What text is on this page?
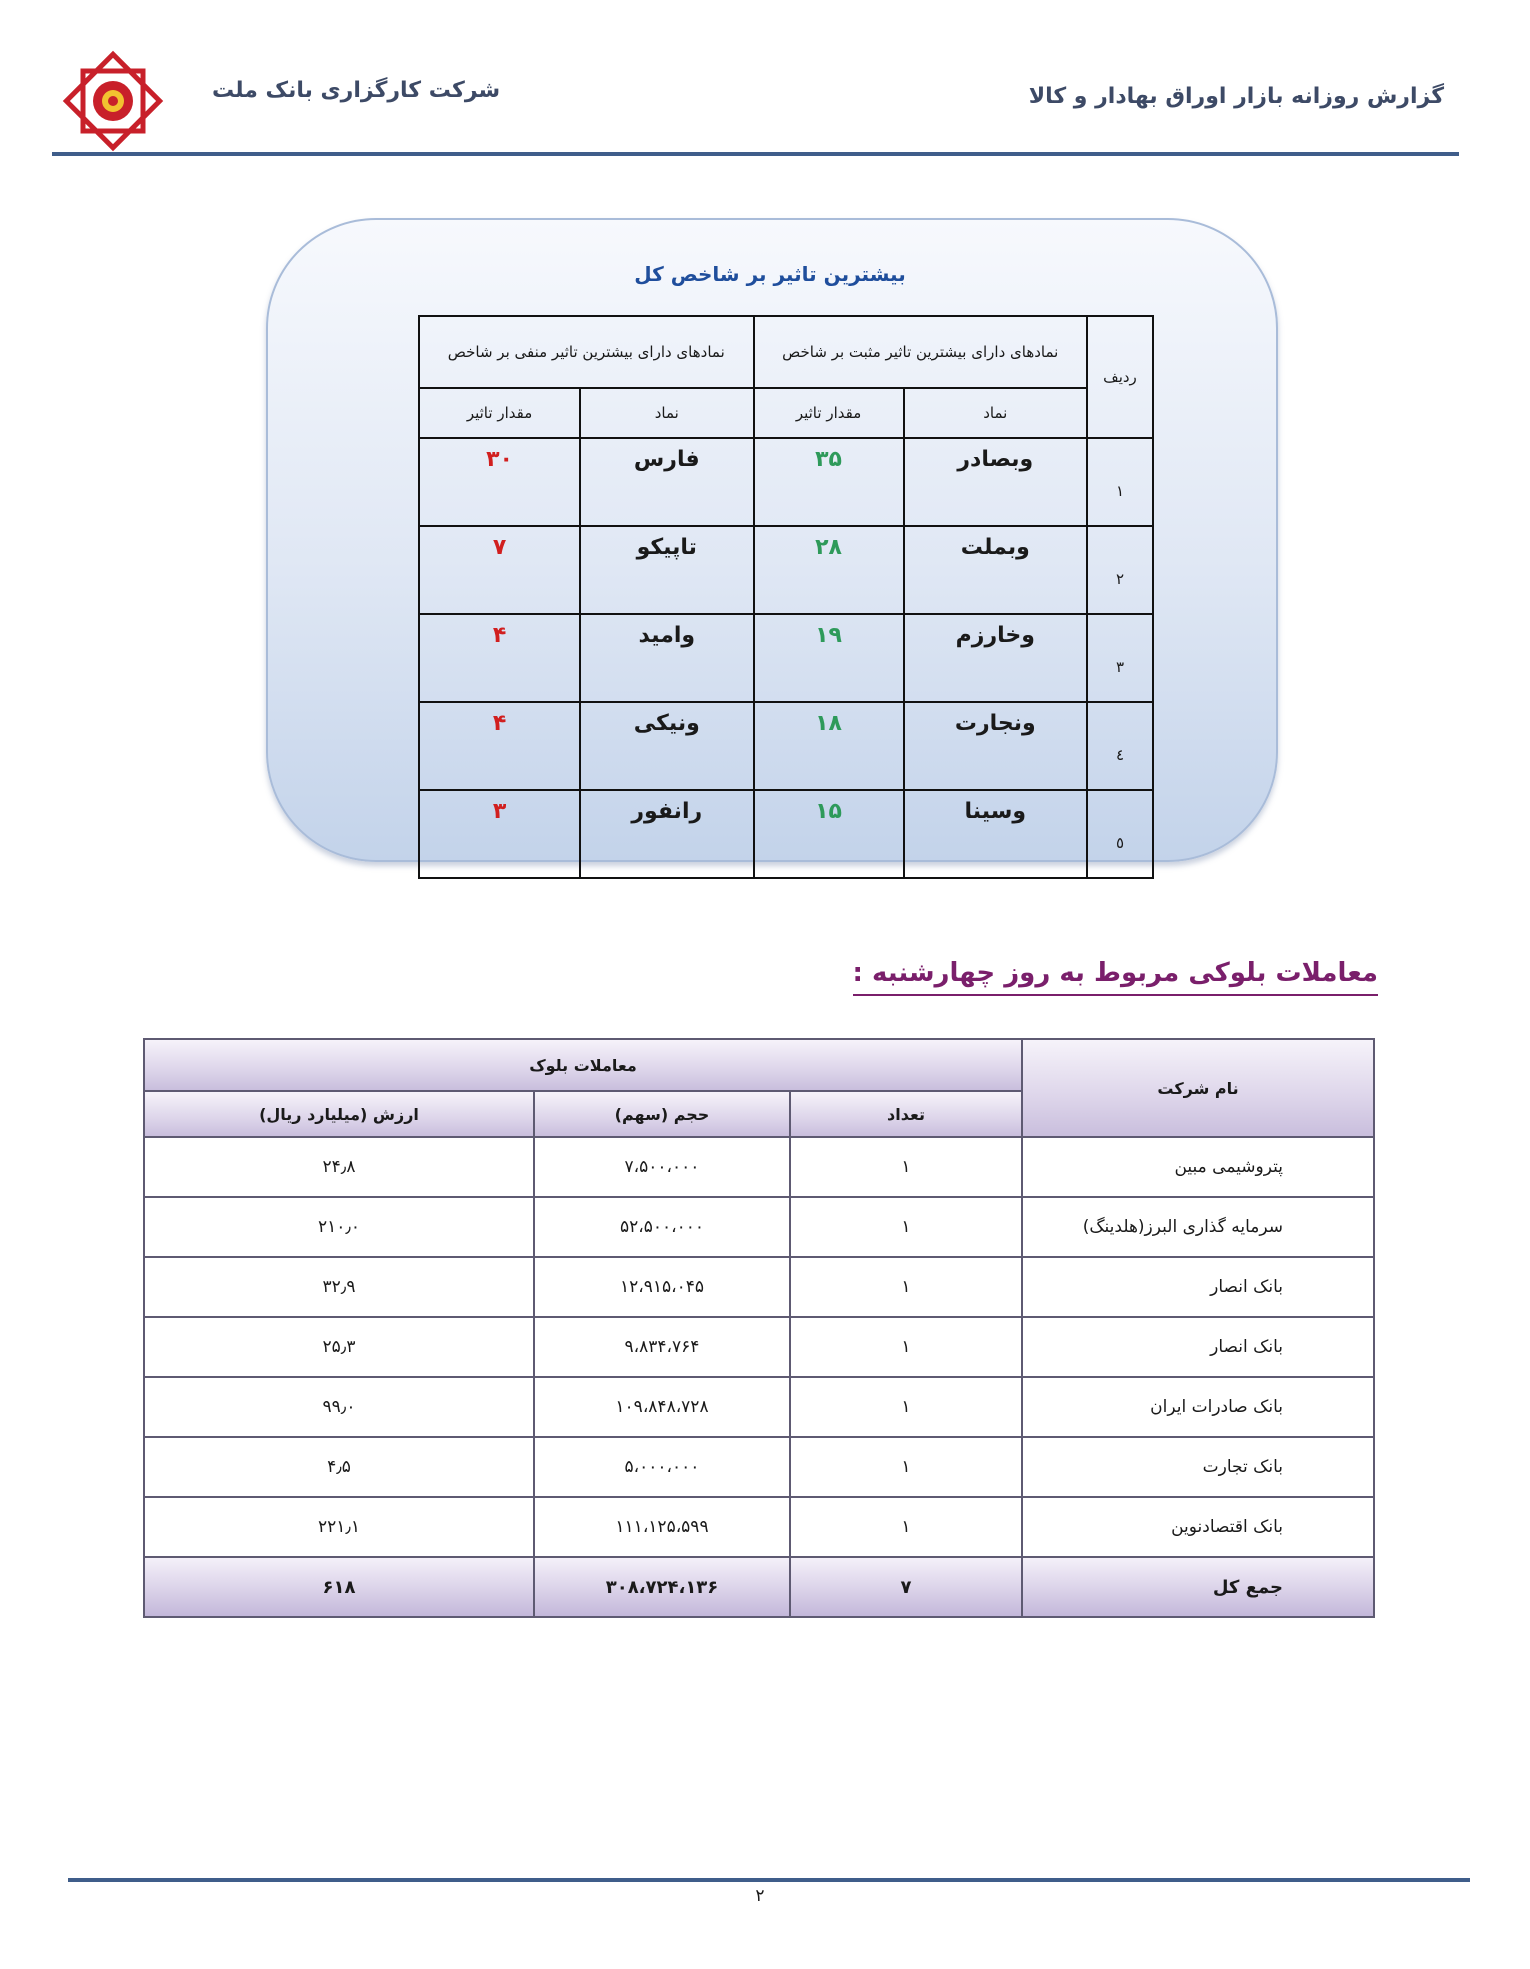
شرکت کارگزاری بانک ملت	گزارش روزانه بازار اوراق بهادار و کالا
بیشترین تاثیر بر شاخص کل
ردیف	نمادهای دارای بیشترین تاثیر مثبت بر شاخص		نمادهای دارای بیشترین تاثیر منفی بر شاخص	
	نماد	مقدار تاثیر	نماد	مقدار تاثیر
١	وبصادر	۳۵	فارس	۳۰
٢	وبملت	۲۸	تاپیکو	۷
٣	وخارزم	۱۹	وامید	۴
٤	ونجارت	۱۸	ونیکی	۴
٥	وسینا	۱۵	رانفور	۳
معاملات بلوکی مربوط به روز چهارشنبه :
نام شرکت	معاملات بلوک		
	تعداد	حجم (سهم)	ارزش (میلیارد ریال)
پتروشیمی مبین	۱	۷،۵۰۰،۰۰۰	۲۴٫۸
سرمایه گذاری البرز(هلدینگ)	۱	۵۲،۵۰۰،۰۰۰	۲۱۰٫۰
بانک انصار	۱	۱۲،۹۱۵،۰۴۵	۳۲٫۹
بانک انصار	۱	۹،۸۳۴،۷۶۴	۲۵٫۳
بانک صادرات ایران	۱	۱۰۹،۸۴۸،۷۲۸	۹۹٫۰
بانک تجارت	۱	۵،۰۰۰،۰۰۰	۴٫۵
بانک اقتصادنوین	۱	۱۱۱،۱۲۵،۵۹۹	۲۲۱٫۱
جمع کل	۷	۳۰۸،۷۲۴،۱۳۶	۶۱۸
۲
